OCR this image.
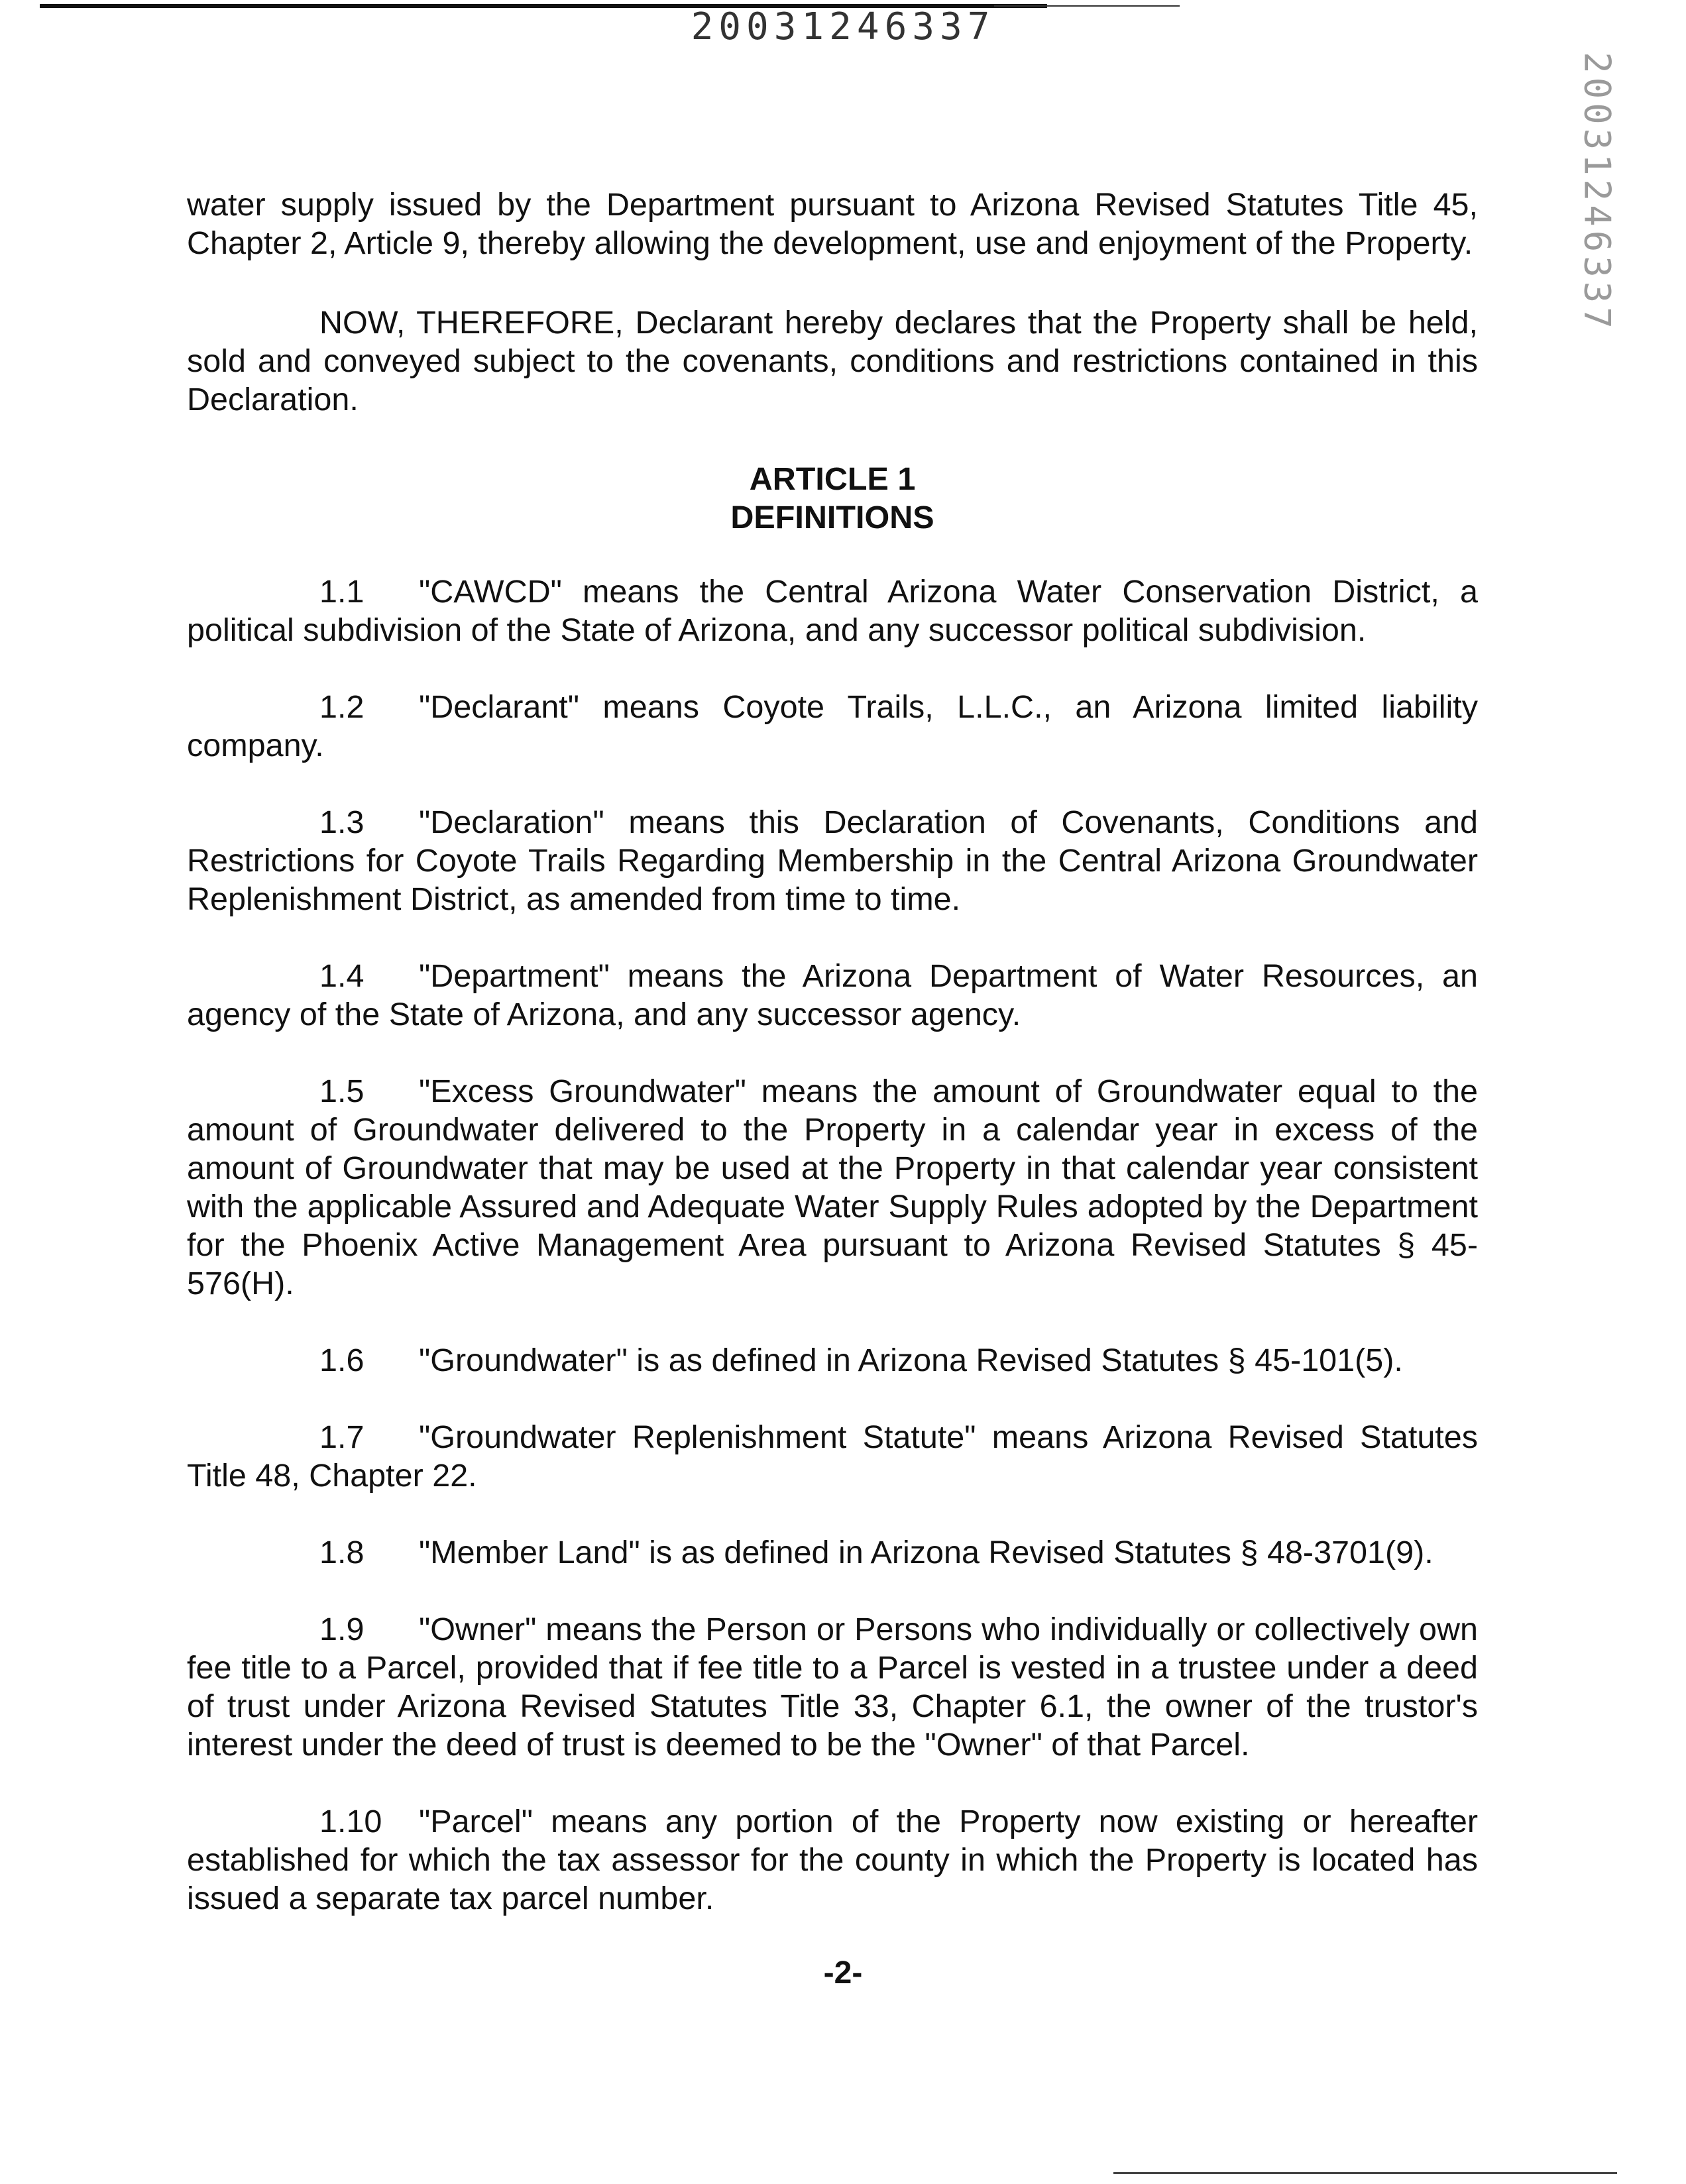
20031246337
20031246337

water supply issued by the Department pursuant to Arizona Revised Statutes Title 45, Chapter 2, Article 9, thereby allowing the development, use and enjoyment of the Property.

NOW, THEREFORE, Declarant hereby declares that the Property shall be held, sold and conveyed subject to the covenants, conditions and restrictions contained in this Declaration.

ARTICLE 1
DEFINITIONS

1.1 "CAWCD" means the Central Arizona Water Conservation District, a political subdivision of the State of Arizona, and any successor political subdivision.

1.2 "Declarant" means Coyote Trails, L.L.C., an Arizona limited liability company.

1.3 "Declaration" means this Declaration of Covenants, Conditions and Restrictions for Coyote Trails Regarding Membership in the Central Arizona Groundwater Replenishment District, as amended from time to time.

1.4 "Department" means the Arizona Department of Water Resources, an agency of the State of Arizona, and any successor agency.

1.5 "Excess Groundwater" means the amount of Groundwater equal to the amount of Groundwater delivered to the Property in a calendar year in excess of the amount of Groundwater that may be used at the Property in that calendar year consistent with the applicable Assured and Adequate Water Supply Rules adopted by the Department for the Phoenix Active Management Area pursuant to Arizona Revised Statutes § 45-576(H).

1.6 "Groundwater" is as defined in Arizona Revised Statutes § 45-101(5).

1.7 "Groundwater Replenishment Statute" means Arizona Revised Statutes Title 48, Chapter 22.

1.8 "Member Land" is as defined in Arizona Revised Statutes § 48-3701(9).

1.9 "Owner" means the Person or Persons who individually or collectively own fee title to a Parcel, provided that if fee title to a Parcel is vested in a trustee under a deed of trust under Arizona Revised Statutes Title 33, Chapter 6.1, the owner of the trustor's interest under the deed of trust is deemed to be the "Owner" of that Parcel.

1.10 "Parcel" means any portion of the Property now existing or hereafter established for which the tax assessor for the county in which the Property is located has issued a separate tax parcel number.

-2-
